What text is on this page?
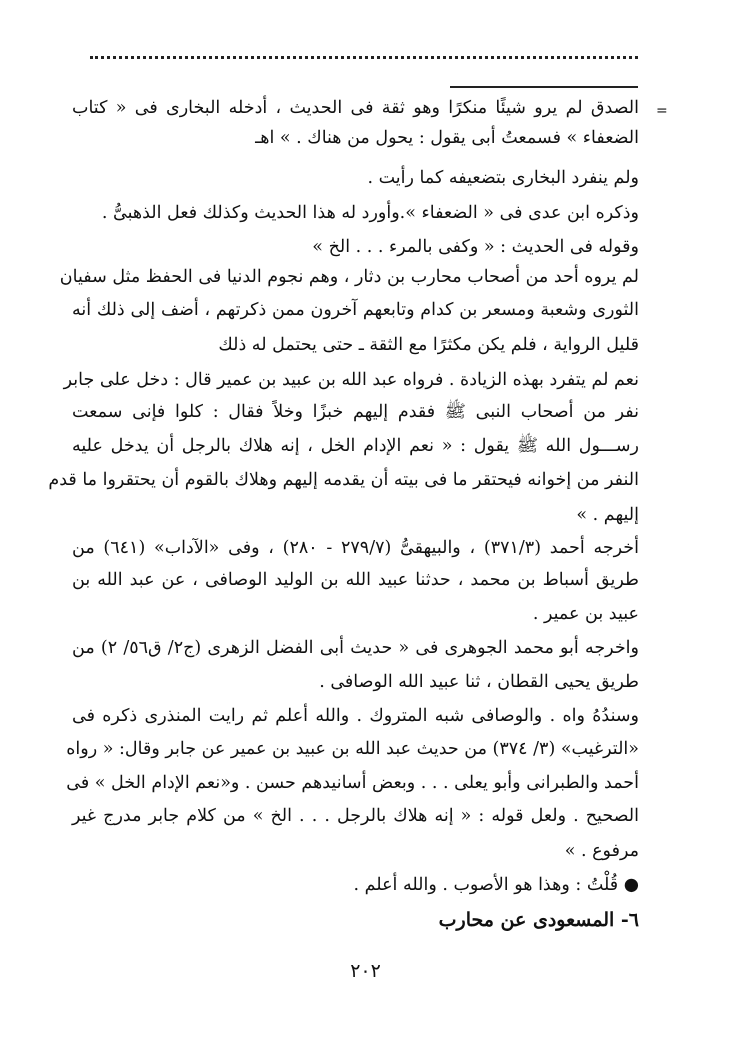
=
الصدق لم يرو شيئًا منكرًا وهو ثقة فى الحديث ، أدخله البخارى فى « كتاب
الضعفاء » فسمعتُ أبى يقول : يحول من هناك . » اهـ
ولم ينفرد البخارى بتضعيفه كما رأيت .
وذكره ابن عدى فى « الضعفاء ».وأورد له هذا الحديث وكذلك فعل الذهبىُّ .
وقوله فى الحديث : « وكفى بالمرء . . . الخ »
لم يروه أحد من أصحاب محارب بن دثار ، وهم نجوم الدنيا فى الحفظ مثل سفيان
الثورى وشعبة ومسعر بن كدام وتابعهم آخرون ممن ذكرتهم ، أضف إلى ذلك أنه
قليل الرواية ، فلم يكن مكثرًا مع الثقة ـ حتى يحتمل له ذلك
نعم لم يتفرد بهذه الزيادة . فرواه عبد الله بن عبيد بن عمير قال : دخل على جابر
نفر من أصحاب النبى ﷺ فقدم إليهم خبزًا وخلاً فقال : كلوا فإنى سمعت
رســـول الله ﷺ يقول : « نعم الإدام الخل ، إنه هلاك بالرجل أن يدخل عليه
النفر من إخوانه فيحتقر ما فى بيته أن يقدمه إليهم وهلاك بالقوم أن يحتقروا ما قدم
إليهم . »
أخرجه أحمد (٣٧١/٣) ، والبيهقىُّ (٢٧٩/٧ - ٢٨٠) ، وفى «الآداب» (٦٤١) من
طريق أسباط بن محمد ، حدثنا عبيد الله بن الوليد الوصافى ، عن عبد الله بن
عبيد بن عمير .
واخرجه أبو محمد الجوهرى فى « حديث أبى الفضل الزهرى (ج٢/ ق٥٦/ ٢) من
طريق يحيى القطان ، ثنا عبيد الله الوصافى .
وسندُهُ واه . والوصافى شبه المتروك . والله أعلم ثم رايت المنذرى ذكره فى
«الترغيب» (٣/ ٣٧٤) من حديث عبد الله بن عبيد بن عمير عن جابر وقال: « رواه
أحمد والطبرانى وأبو يعلى . . . وبعض أسانيدهم حسن . و«نعم الإدام الخل » فى
الصحيح . ولعل قوله : « إنه هلاك بالرجل . . . الخ » من كلام جابر مدرج غير
مرفوع . »
● قُلْتُ : وهذا هو الأصوب . والله أعلم .
٦- المسعودى عن محارب
٢٠٢
